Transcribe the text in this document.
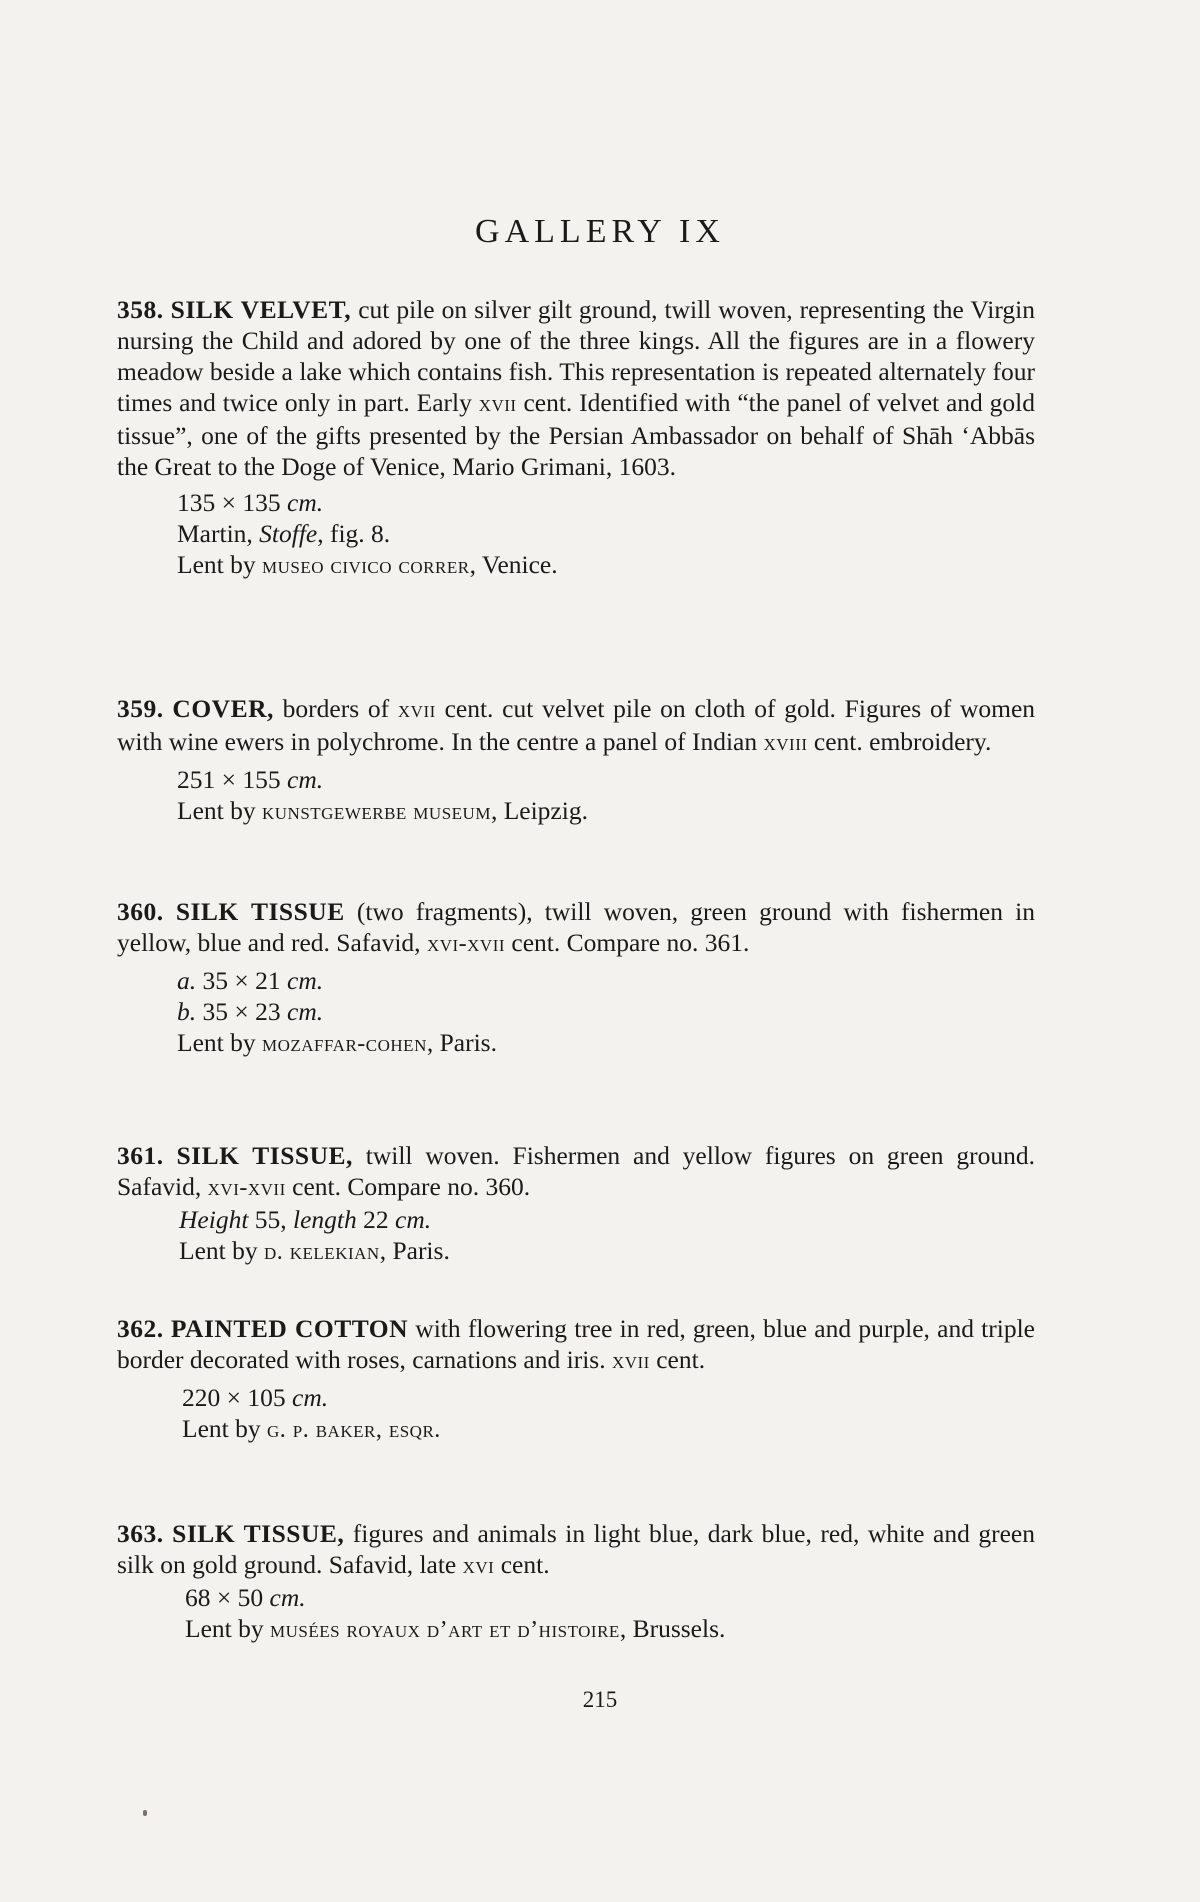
GALLERY IX

358. SILK VELVET, cut pile on silver gilt ground, twill woven, representing the Virgin nursing the Child and adored by one of the three kings. All the figures are in a flowery meadow beside a lake which contains fish. This representation is repeated alternately four times and twice only in part. Early xvii cent. Identified with “the panel of velvet and gold tissue”, one of the gifts presented by the Persian Ambassador on behalf of Shāh ‘Abbās the Great to the Doge of Venice, Mario Grimani, 1603.

135 × 135 cm.

Martin, Stoffe, fig. 8.

Lent by museo civico correr, Venice.

359. COVER, borders of xvii cent. cut velvet pile on cloth of gold. Figures of women with wine ewers in polychrome. In the centre a panel of Indian xviii cent. embroidery.

251 × 155 cm.

Lent by kunstgewerbe museum, Leipzig.

360. SILK TISSUE (two fragments), twill woven, green ground with fishermen in yellow, blue and red. Safavid, xvi-xvii cent. Compare no. 361.

a. 35 × 21 cm.

b. 35 × 23 cm.

Lent by mozaffar-cohen, Paris.

361. SILK TISSUE, twill woven. Fishermen and yellow figures on green ground. Safavid, xvi-xvii cent. Compare no. 360.

Height 55, length 22 cm.

Lent by d. kelekian, Paris.

362. PAINTED COTTON with flowering tree in red, green, blue and purple, and triple border decorated with roses, carnations and iris. xvii cent.

220 × 105 cm.

Lent by g. p. baker, esqr.

363. SILK TISSUE, figures and animals in light blue, dark blue, red, white and green silk on gold ground. Safavid, late xvi cent.

68 × 50 cm.

Lent by musées royaux d’art et d’histoire, Brussels.

215
